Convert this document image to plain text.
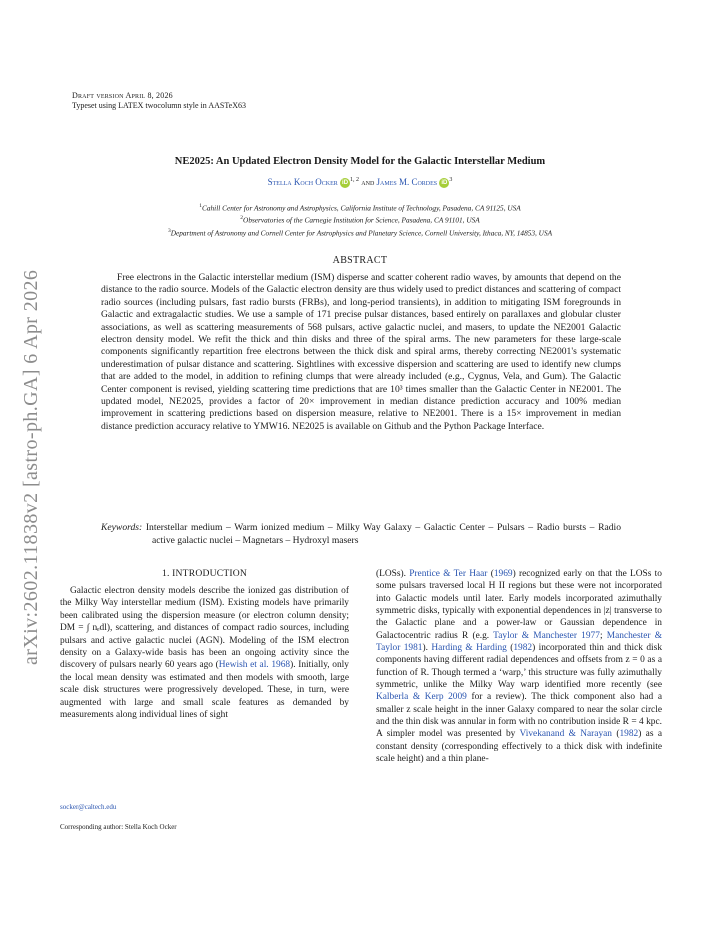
arXiv:2602.11838v2 [astro-ph.GA] 6 Apr 2026
Draft version April 8, 2026
Typeset using LATEX twocolumn style in AASTeX63
NE2025: An Updated Electron Density Model for the Galactic Interstellar Medium
Stella Koch Ocker iD $^{1, 2}$ and James M. Cordes iD $^3$
$^1$Cahill Center for Astronomy and Astrophysics, California Institute of Technology, Pasadena, CA 91125, USA
$^2$Observatories of the Carnegie Institution for Science, Pasadena, CA 91101, USA
$^3$Department of Astronomy and Cornell Center for Astrophysics and Planetary Science, Cornell University, Ithaca, NY, 14853, USA
ABSTRACT

Free electrons in the Galactic interstellar medium (ISM) disperse and scatter coherent radio waves, by amounts that depend on the distance to the radio source. Models of the Galactic electron density are thus widely used to predict distances and scattering of compact radio sources (including pulsars, fast radio bursts (FRBs), and long-period transients), in addition to mitigating ISM foregrounds in Galactic and extragalactic studies. We use a sample of 171 precise pulsar distances, based entirely on parallaxes and globular cluster associations, as well as scattering measurements of 568 pulsars, active galactic nuclei, and masers, to update the NE2001 Galactic electron density model. We refit the thick and thin disks and three of the spiral arms. The new parameters for these large-scale components significantly repartition free electrons between the thick disk and spiral arms, thereby correcting NE2001's systematic underestimation of pulsar distance and scattering. Sightlines with excessive dispersion and scattering are used to identify new clumps that are added to the model, in addition to refining clumps that were already included (e.g., Cygnus, Vela, and Gum). The Galactic Center component is revised, yielding scattering time predictions that are 10³ times smaller than the Galactic Center in NE2001. The updated model, NE2025, provides a factor of 20× improvement in median distance prediction accuracy and 100% median improvement in scattering predictions based on dispersion measure, relative to NE2001. There is a 15× improvement in median distance prediction accuracy relative to YMW16. NE2025 is available on Github and the Python Package Interface.

Keywords: Interstellar medium – Warm ionized medium – Milky Way Galaxy – Galactic Center – Pulsars – Radio bursts – Radio active galactic nuclei – Magnetars – Hydroxyl masers
1. INTRODUCTION

Galactic electron density models describe the ionized gas distribution of the Milky Way interstellar medium (ISM). Existing models have primarily been calibrated using the dispersion measure (or electron column density; DM = ∫ nₑdl), scattering, and distances of compact radio sources, including pulsars and active galactic nuclei (AGN). Modeling of the ISM electron density on a Galaxy-wide basis has been an ongoing activity since the discovery of pulsars nearly 60 years ago (Hewish et al. 1968). Initially, only the local mean density was estimated and then models with smooth, large scale disk structures were progressively developed. These, in turn, were augmented with large and small scale features as demanded by measurements along individual lines of sight

socker@caltech.edu
Corresponding author: Stella Koch Ocker

(LOSs). Prentice & Ter Haar (1969) recognized early on that the LOSs to some pulsars traversed local H II regions but these were not incorporated into Galactic models until later. Early models incorporated azimuthally symmetric disks, typically with exponential dependences in |z| transverse to the Galactic plane and a power-law or Gaussian dependence in Galactocentric radius R (e.g. Taylor & Manchester 1977; Manchester & Taylor 1981). Harding & Harding (1982) incorporated thin and thick disk components having different radial dependences and offsets from z = 0 as a function of R. Though termed a ‘warp,’ this structure was fully azimuthally symmetric, unlike the Milky Way warp identified more recently (see Kalberla & Kerp 2009 for a review). The thick component also had a smaller z scale height in the inner Galaxy compared to near the solar circle and the thin disk was annular in form with no contribution inside R = 4 kpc. A simpler model was presented by Vivekanand & Narayan (1982) as a constant density (corresponding effectively to a thick disk with indefinite scale height) and a thin plane-
